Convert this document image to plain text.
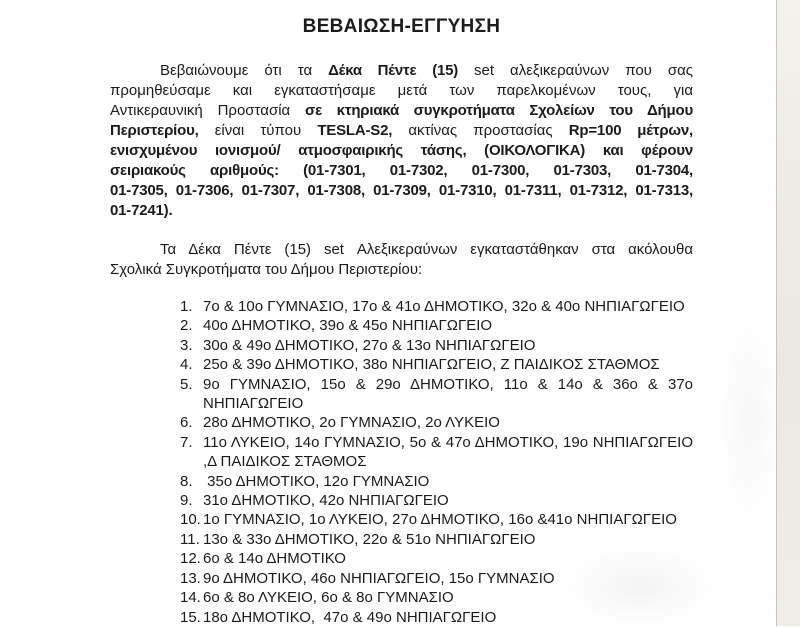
ΒΕΒΑΙΩΣΗ-ΕΓΓΥΗΣΗ
Βεβαιώνουμε ότι τα Δέκα Πέντε (15) set αλεξικεραύνων που σας
προμηθεύσαμε και εγκαταστήσαμε μετά των παρελκομένων τους, για
Αντικεραυνική Προστασία σε κτηριακά συγκροτήματα Σχολείων του Δήμου
Περιστερίου, είναι τύπου TESLA-S2, ακτίνας προστασίας Rp=100 μέτρων,
ενισχυμένου ιονισμού/ ατμοσφαιρικής τάσης, (ΟΙΚΟΛΟΓΙΚΑ) και φέρουν
σειριακούς αριθμούς: (01-7301, 01-7302, 01-7300, 01-7303, 01-7304,
01-7305, 01-7306, 01-7307, 01-7308, 01-7309, 01-7310, 01-7311, 01-7312, 01-7313,
01-7241).
Τα Δέκα Πέντε (15) set Αλεξικεραύνων εγκαταστάθηκαν στα ακόλουθα
Σχολικά Συγκροτήματα του Δήμου Περιστερίου:
1. 7ο & 10ο ΓΥΜΝΑΣΙΟ, 17ο & 41ο ΔΗΜΟΤΙΚΟ, 32ο & 40ο ΝΗΠΙΑΓΩΓΕΙΟ
2. 40ο ΔΗΜΟΤΙΚΟ, 39ο & 45ο ΝΗΠΙΑΓΩΓΕΙΟ
3. 30ο & 49ο ΔΗΜΟΤΙΚΟ, 27ο & 13ο ΝΗΠΙΑΓΩΓΕΙΟ
4. 25ο & 39ο ΔΗΜΟΤΙΚΟ, 38ο ΝΗΠΙΑΓΩΓΕΙΟ, Ζ ΠΑΙΔΙΚΟΣ ΣΤΑΘΜΟΣ
5. 9ο ΓΥΜΝΑΣΙΟ, 15ο & 29ο ΔΗΜΟΤΙΚΟ, 11ο & 14ο & 36ο & 37ο
ΝΗΠΙΑΓΩΓΕΙΟ
6. 28ο ΔΗΜΟΤΙΚΟ, 2ο ΓΥΜΝΑΣΙΟ, 2ο ΛΥΚΕΙΟ
7. 11ο ΛΥΚΕΙΟ, 14ο ΓΥΜΝΑΣΙΟ, 5ο & 47ο ΔΗΜΟΤΙΚΟ, 19ο ΝΗΠΙΑΓΩΓΕΙΟ
,Δ ΠΑΙΔΙΚΟΣ ΣΤΑΘΜΟΣ
8. 35ο ΔΗΜΟΤΙΚΟ, 12ο ΓΥΜΝΑΣΙΟ
9. 31ο ΔΗΜΟΤΙΚΟ, 42ο ΝΗΠΙΑΓΩΓΕΙΟ
10. 1ο ΓΥΜΝΑΣΙΟ, 1ο ΛΥΚΕΙΟ, 27ο ΔΗΜΟΤΙΚΟ, 16ο &41ο ΝΗΠΙΑΓΩΓΕΙΟ
11. 13ο & 33ο ΔΗΜΟΤΙΚΟ, 22ο & 51ο ΝΗΠΙΑΓΩΓΕΙΟ
12. 6ο & 14ο ΔΗΜΟΤΙΚΟ
13. 9ο ΔΗΜΟΤΙΚΟ, 46ο ΝΗΠΙΑΓΩΓΕΙΟ, 15ο ΓΥΜΝΑΣΙΟ
14. 6ο & 8ο ΛΥΚΕΙΟ, 6ο & 8ο ΓΥΜΝΑΣΙΟ
15. 18ο ΔΗΜΟΤΙΚΟ,  47ο & 49ο ΝΗΠΙΑΓΩΓΕΙΟ
